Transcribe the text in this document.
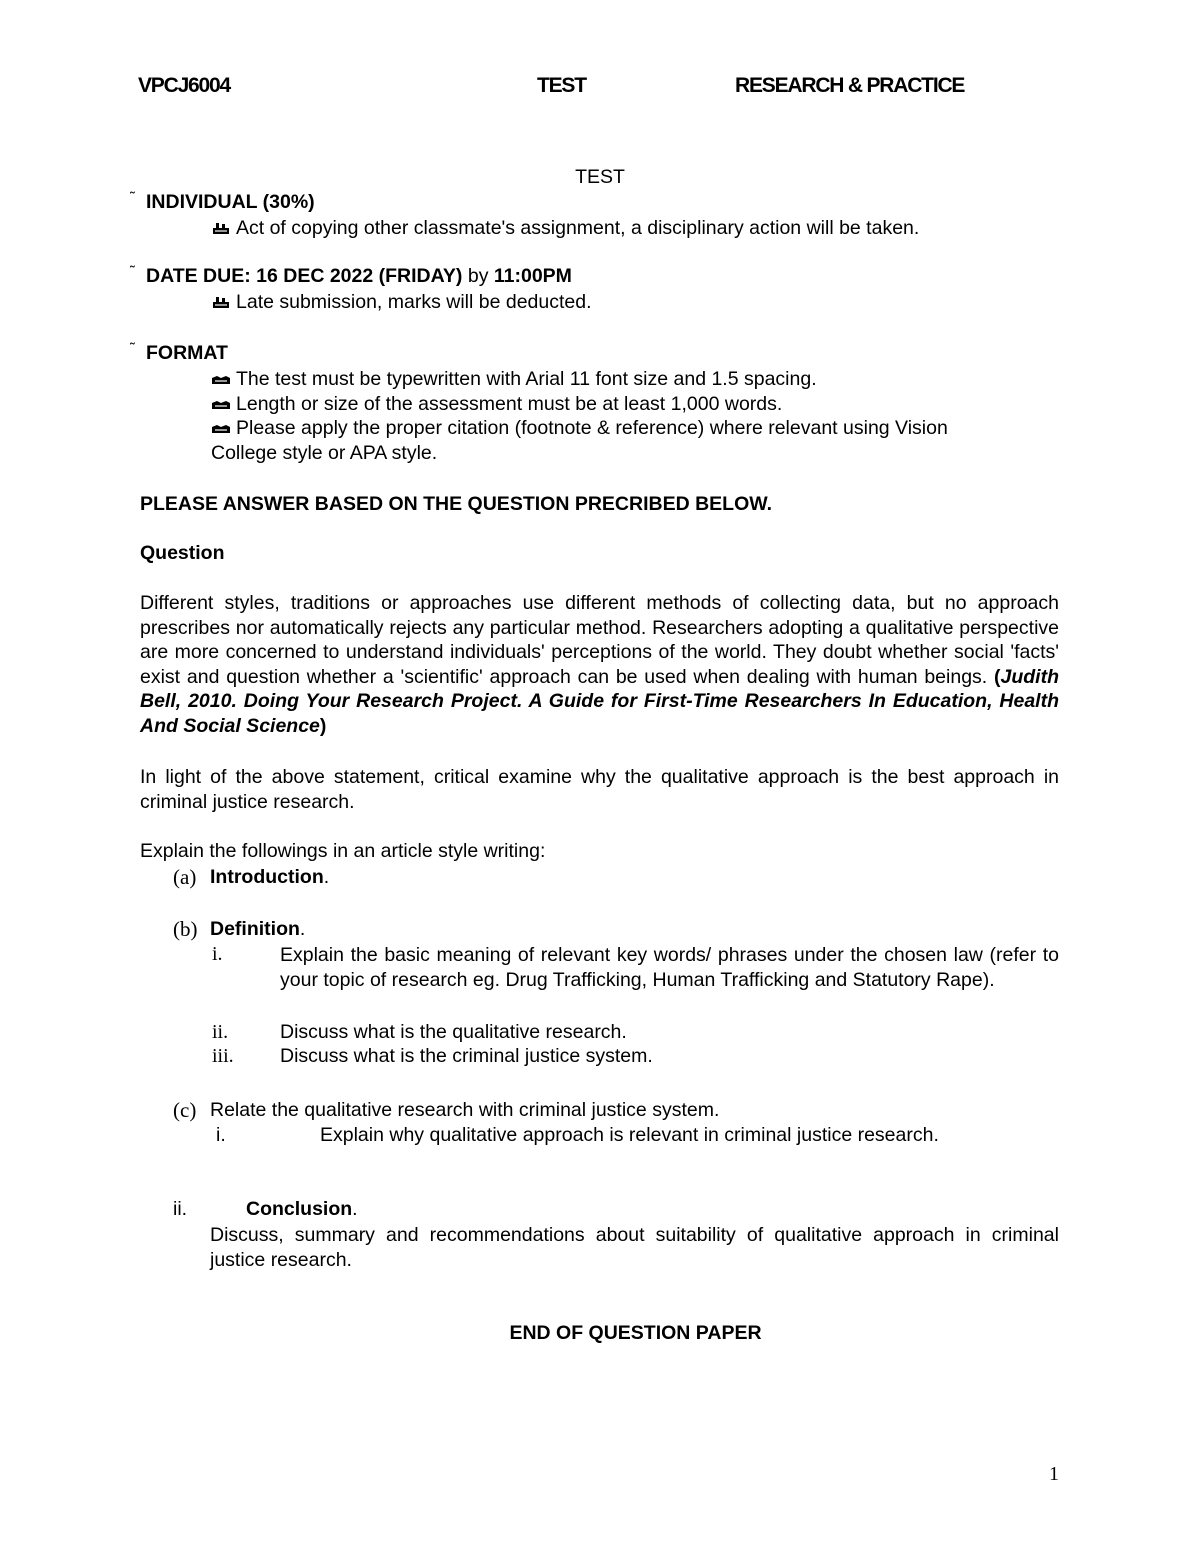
VPCJ6004	TEST	RESEARCH & PRACTICE
TEST
˜ INDIVIDUAL (30%)
Act of copying other classmate's assignment, a disciplinary action will be taken.
˜ DATE DUE: 16 DEC 2022 (FRIDAY) by 11:00PM
Late submission, marks will be deducted.
˜ FORMAT
The test must be typewritten with Arial 11 font size and 1.5 spacing.
Length or size of the assessment must be at least 1,000 words.
Please apply the proper citation (footnote & reference) where relevant using Vision
College style or APA style.
PLEASE ANSWER BASED ON THE QUESTION PRECRIBED BELOW.
Question
Different styles, traditions or approaches use different methods of collecting data, but no approach prescribes nor automatically rejects any particular method. Researchers adopting a qualitative perspective are more concerned to understand individuals' perceptions of the world. They doubt whether social 'facts' exist and question whether a 'scientific' approach can be used when dealing with human beings. (Judith Bell, 2010. Doing Your Research Project. A Guide for First-Time Researchers In Education, Health And Social Science)
In light of the above statement, critical examine why the qualitative approach is the best approach in criminal justice research.
Explain the followings in an article style writing:
(a) Introduction.
(b) Definition.
i.	Explain the basic meaning of relevant key words/ phrases under the chosen law (refer to your topic of research eg. Drug Trafficking, Human Trafficking and Statutory Rape).
ii.	Discuss what is the qualitative research.
iii. Discuss what is the criminal justice system.
(c) Relate the qualitative research with criminal justice system.
i.	Explain why qualitative approach is relevant in criminal justice research.
ii.	Conclusion.
Discuss, summary and recommendations about suitability of qualitative approach in criminal justice research.
END OF QUESTION PAPER
1
